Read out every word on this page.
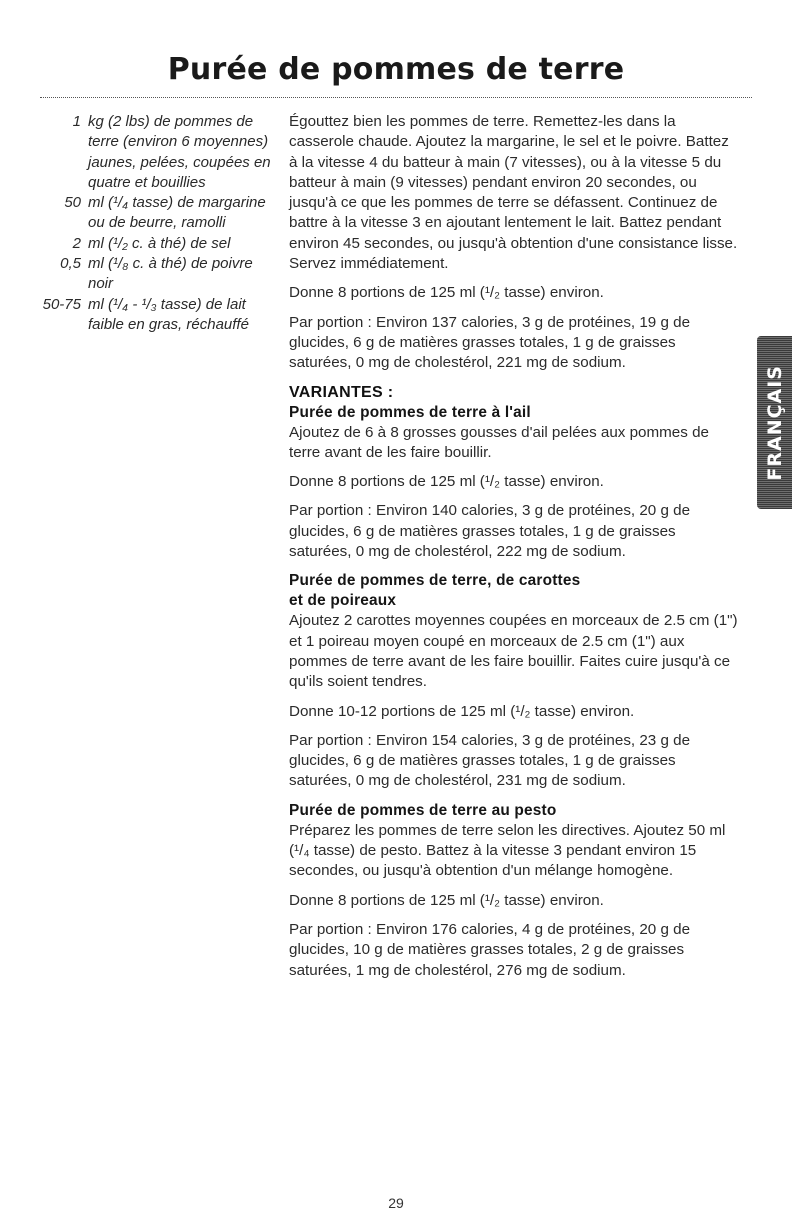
Purée de pommes de terre
1 kg (2 lbs) de pommes de terre (environ 6 moyennes) jaunes, pelées, coupées en quatre et bouillies
50 ml (¹/₄ tasse) de margarine ou de beurre, ramolli
2 ml (¹/₂ c. à thé) de sel
0,5 ml (¹/₈ c. à thé) de poivre noir
50-75 ml (¹/₄ - ¹/₃ tasse) de lait faible en gras, réchauffé

Égouttez bien les pommes de terre. Remettez-les dans la casserole chaude. Ajoutez la margarine, le sel et le poivre. Battez à la vitesse 4 du batteur à main (7 vitesses), ou à la vitesse 5 du batteur à main (9 vitesses) pendant environ 20 secondes, ou jusqu'à ce que les pommes de terre se défassent. Continuez de battre à la vitesse 3 en ajoutant lentement le lait. Battez pendant environ 45 secondes, ou jusqu'à obtention d'une consistance lisse. Servez immédiatement.

Donne 8 portions de 125 ml (¹/₂ tasse) environ.

Par portion : Environ 137 calories, 3 g de protéines, 19 g de glucides, 6 g de matières grasses totales, 1 g de graisses saturées, 0 mg de cholestérol, 221 mg de sodium.

VARIANTES :
Purée de pommes de terre à l'ail

Ajoutez de 6 à 8 grosses gousses d'ail pelées aux pommes de terre avant de les faire bouillir.

Donne 8 portions de 125 ml (¹/₂ tasse) environ.

Par portion : Environ 140 calories, 3 g de protéines, 20 g de glucides, 6 g de matières grasses totales, 1 g de graisses saturées, 0 mg de cholestérol, 222 mg de sodium.

Purée de pommes de terre, de carottes
et de poireaux

Ajoutez 2 carottes moyennes coupées en morceaux de 2.5 cm (1") et 1 poireau moyen coupé en morceaux de 2.5 cm (1") aux pommes de terre avant de les faire bouillir. Faites cuire jusqu'à ce qu'ils soient tendres.

Donne 10-12 portions de 125 ml (¹/₂ tasse) environ.

Par portion : Environ 154 calories, 3 g de protéines, 23 g de glucides, 6 g de matières grasses totales, 1 g de graisses saturées, 0 mg de cholestérol, 231 mg de sodium.

Purée de pommes de terre au pesto

Préparez les pommes de terre selon les directives. Ajoutez 50 ml (¹/₄ tasse) de pesto. Battez à la vitesse 3 pendant environ 15 secondes, ou jusqu'à obtention d'un mélange homogène.

Donne 8 portions de 125 ml (¹/₂ tasse) environ.

Par portion : Environ 176 calories, 4 g de protéines, 20 g de glucides, 10 g de matières grasses totales, 2 g de graisses saturées, 1 mg de cholestérol, 276 mg de sodium.

FRANÇAIS
29
